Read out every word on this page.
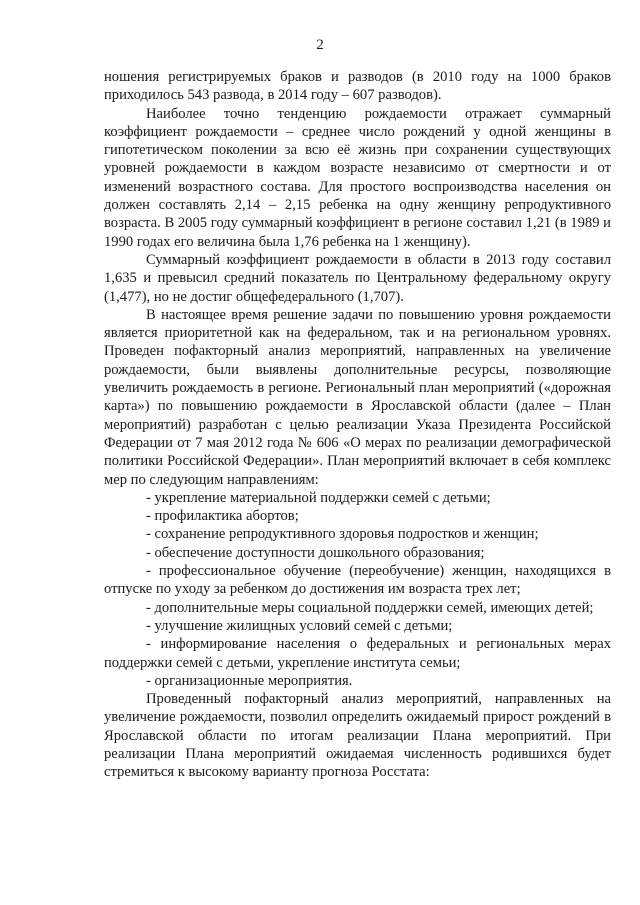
2

ношения регистрируемых браков и разводов (в 2010 году на 1000 браков приходилось 543 развода, в 2014 году – 607 разводов).

Наиболее точно тенденцию рождаемости отражает суммарный коэффициент рождаемости – среднее число рождений у одной женщины в гипотетическом поколении за всю её жизнь при сохранении существующих уровней рождаемости в каждом возрасте независимо от смертности и от изменений возрастного состава. Для простого воспроизводства населения он должен составлять 2,14 – 2,15 ребенка на одну женщину репродуктивного возраста. В 2005 году суммарный коэффициент в регионе составил 1,21 (в 1989 и 1990 годах его величина была 1,76 ребенка на 1 женщину).

Суммарный коэффициент рождаемости в области в 2013 году составил 1,635 и превысил средний показатель по Центральному федеральному округу (1,477), но не достиг общефедерального (1,707).

В настоящее время решение задачи по повышению уровня рождаемости является приоритетной как на федеральном, так и на региональном уровнях. Проведен пофакторный анализ мероприятий, направленных на увеличение рождаемости, были выявлены дополнительные ресурсы, позволяющие увеличить рождаемость в регионе. Региональный план мероприятий («дорожная карта») по повышению рождаемости в Ярославской области (далее – План мероприятий) разработан с целью реализации Указа Президента Российской Федерации от 7 мая 2012 года № 606 «О мерах по реализации демографической политики Российской Федерации». План мероприятий включает в себя комплекс мер по следующим направлениям:

- укрепление материальной поддержки семей с детьми;

- профилактика абортов;

- сохранение репродуктивного здоровья подростков и женщин;

- обеспечение доступности дошкольного образования;

- профессиональное обучение (переобучение) женщин, находящихся в отпуске по уходу за ребенком до достижения им возраста трех лет;

- дополнительные меры социальной поддержки семей, имеющих детей;

- улучшение жилищных условий семей с детьми;

- информирование населения о федеральных и региональных мерах поддержки семей с детьми, укрепление института семьи;

- организационные мероприятия.

Проведенный пофакторный анализ мероприятий, направленных на увеличение рождаемости, позволил определить ожидаемый прирост рождений в Ярославской области по итогам реализации Плана мероприятий. При реализации Плана мероприятий ожидаемая численность родившихся будет стремиться к высокому варианту прогноза Росстата:
